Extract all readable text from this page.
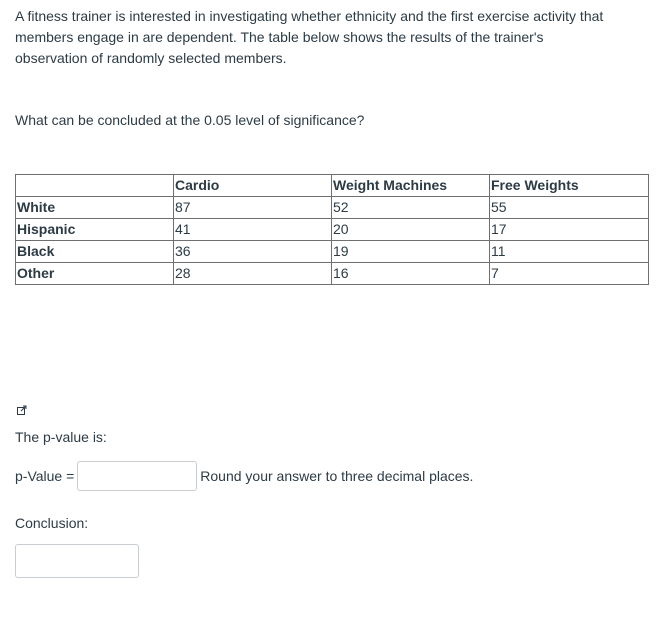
A fitness trainer is interested in investigating whether ethnicity and the first exercise activity that members engage in are dependent. The table below shows the results of the trainer's observation of randomly selected members.

What can be concluded at the 0.05 level of significance?

	Cardio	Weight Machines	Free Weights
White	87	52	55
Hispanic	41	20	17
Black	36	19	11
Other	28	16	7
The p-value is:
p-Value =	Round your answer to three decimal places.
Conclusion:
